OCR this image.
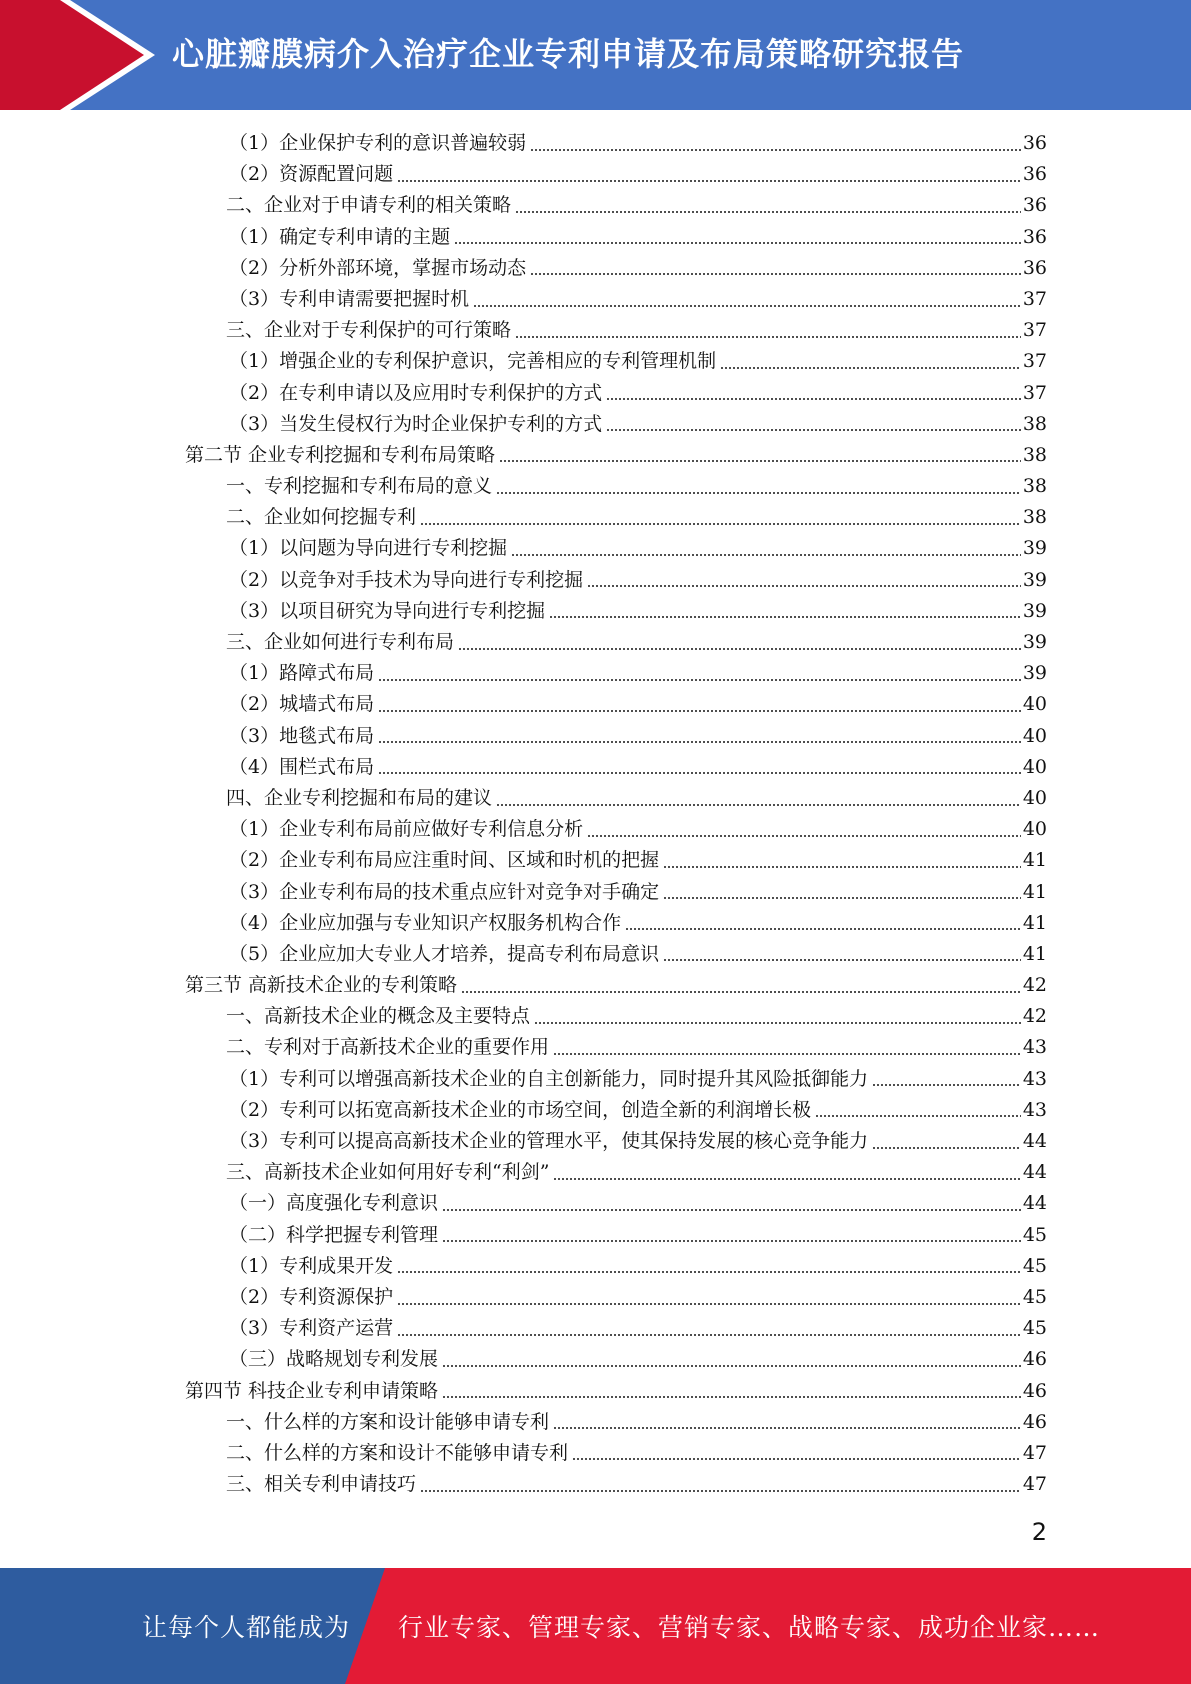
心脏瓣膜病介入治疗企业专利申请及布局策略研究报告
（1）企业保护专利的意识普遍较弱	36
（2）资源配置问题	36
二、企业对于申请专利的相关策略	36
（1）确定专利申请的主题	36
（2）分析外部环境，掌握市场动态	36
（3）专利申请需要把握时机	37
三、企业对于专利保护的可行策略	37
（1）增强企业的专利保护意识，完善相应的专利管理机制	37
（2）在专利申请以及应用时专利保护的方式	37
（3）当发生侵权行为时企业保护专利的方式	38
第二节 企业专利挖掘和专利布局策略	38
一、专利挖掘和专利布局的意义	38
二、企业如何挖掘专利	38
（1）以问题为导向进行专利挖掘	39
（2）以竞争对手技术为导向进行专利挖掘	39
（3）以项目研究为导向进行专利挖掘	39
三、企业如何进行专利布局	39
（1）路障式布局	39
（2）城墙式布局	40
（3）地毯式布局	40
（4）围栏式布局	40
四、企业专利挖掘和布局的建议	40
（1）企业专利布局前应做好专利信息分析	40
（2）企业专利布局应注重时间、区域和时机的把握	41
（3）企业专利布局的技术重点应针对竞争对手确定	41
（4）企业应加强与专业知识产权服务机构合作	41
（5）企业应加大专业人才培养，提高专利布局意识	41
第三节 高新技术企业的专利策略	42
一、高新技术企业的概念及主要特点	42
二、专利对于高新技术企业的重要作用	43
（1）专利可以增强高新技术企业的自主创新能力，同时提升其风险抵御能力	43
（2）专利可以拓宽高新技术企业的市场空间，创造全新的利润增长极	43
（3）专利可以提高高新技术企业的管理水平，使其保持发展的核心竞争能力	44
三、高新技术企业如何用好专利“利剑”	44
（一）高度强化专利意识	44
（二）科学把握专利管理	45
（1）专利成果开发	45
（2）专利资源保护	45
（3）专利资产运营	45
（三）战略规划专利发展	46
第四节 科技企业专利申请策略	46
一、什么样的方案和设计能够申请专利	46
二、什么样的方案和设计不能够申请专利	47
三、相关专利申请技巧	47
2
让每个人都能成为 行业专家、管理专家、营销专家、战略专家、成功企业家……
